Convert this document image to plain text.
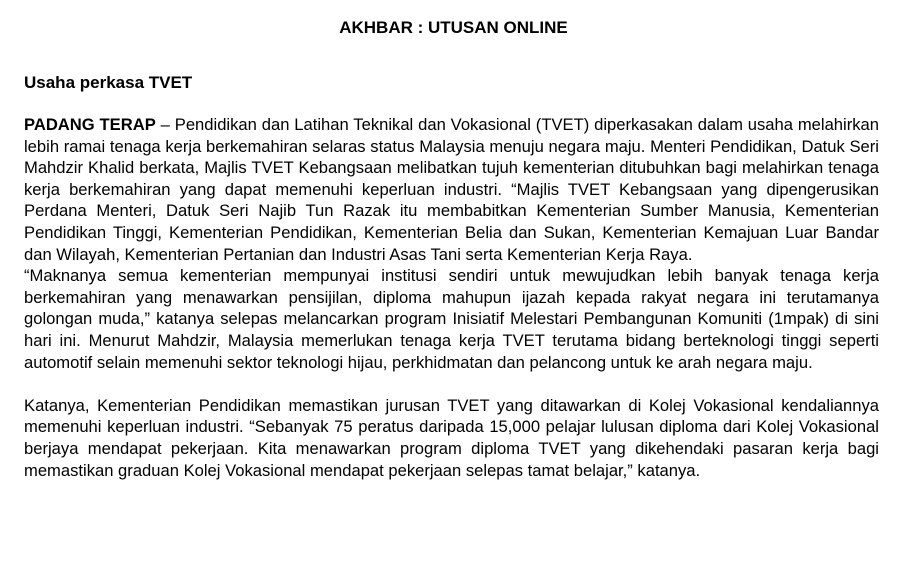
AKHBAR : UTUSAN ONLINE
Usaha perkasa TVET

PADANG TERAP – Pendidikan dan Latihan Teknikal dan Vokasional (TVET) diperkasakan dalam usaha melahirkan lebih ramai tenaga kerja berkemahiran selaras status Malaysia menuju negara maju. Menteri Pendidikan, Datuk Seri Mahdzir Khalid berkata, Majlis TVET Kebangsaan melibatkan tujuh kementerian ditubuhkan bagi melahirkan tenaga kerja berkemahiran yang dapat memenuhi keperluan industri. “Majlis TVET Kebangsaan yang dipengerusikan Perdana Menteri, Datuk Seri Najib Tun Razak itu membabitkan Kementerian Sumber Manusia, Kementerian Pendidikan Tinggi, Kementerian Pendidikan, Kementerian Belia dan Sukan, Kementerian Kemajuan Luar Bandar dan Wilayah, Kementerian Pertanian dan Industri Asas Tani serta Kementerian Kerja Raya.

“Maknanya semua kementerian mempunyai institusi sendiri untuk mewujudkan lebih banyak tenaga kerja berkemahiran yang menawarkan pensijilan, diploma mahupun ijazah kepada rakyat negara ini terutamanya golongan muda,” katanya selepas melancarkan program Inisiatif Melestari Pembangunan Komuniti (1mpak) di sini hari ini. Menurut Mahdzir, Malaysia memerlukan tenaga kerja TVET terutama bidang berteknologi tinggi seperti automotif selain memenuhi sektor teknologi hijau, perkhidmatan dan pelancong untuk ke arah negara maju.

Katanya, Kementerian Pendidikan memastikan jurusan TVET yang ditawarkan di Kolej Vokasional kendaliannya memenuhi keperluan industri. “Sebanyak 75 peratus daripada 15,000 pelajar lulusan diploma dari Kolej Vokasional berjaya mendapat pekerjaan. Kita menawarkan program diploma TVET yang dikehendaki pasaran kerja bagi memastikan graduan Kolej Vokasional mendapat pekerjaan selepas tamat belajar,” katanya.
